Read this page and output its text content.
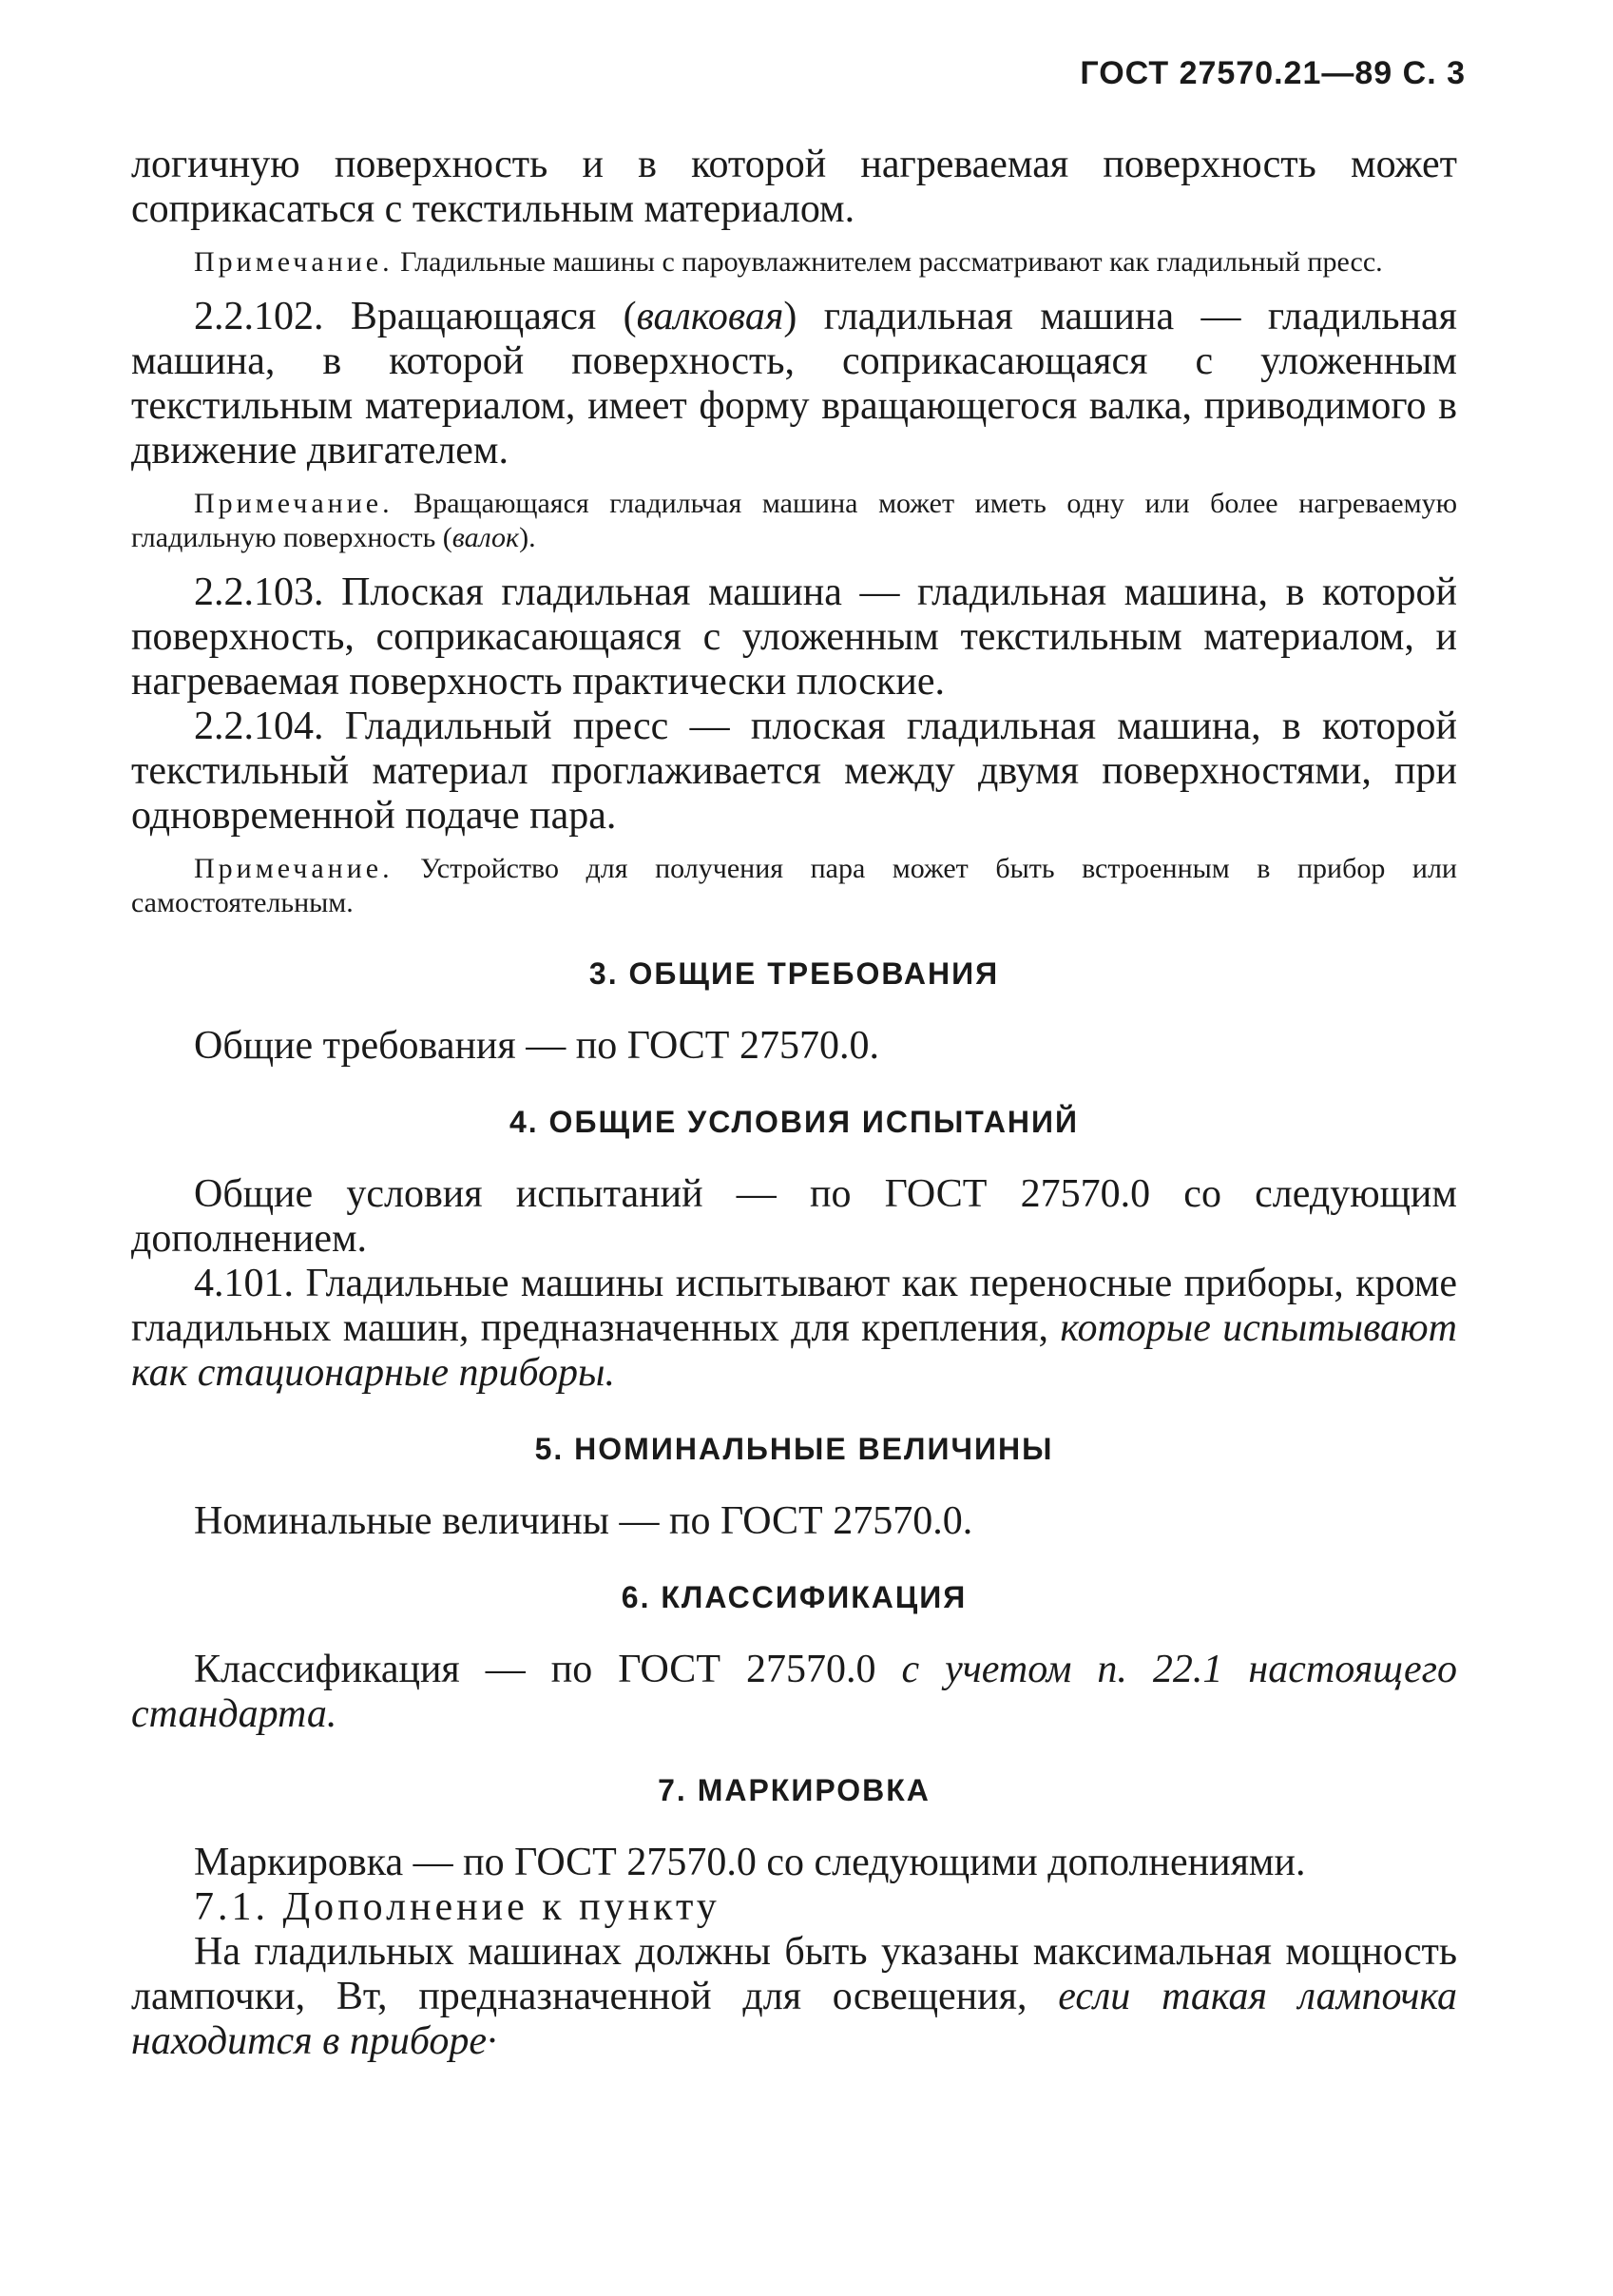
ГОСТ 27570.21—89 С. 3

логичную поверхность и в которой нагреваемая поверхность может соприкасаться с текстильным материалом.

Примечание. Гладильные машины с пароувлажнителем рассматривают как гладильный пресс.

2.2.102. Вращающаяся (валковая) гладильная машина — гладильная машина, в которой поверхность, соприкасающаяся с уложенным текстильным материалом, имеет форму вращающегося валка, приводимого в движение двигателем.

Примечание. Вращающаяся гладильчая машина может иметь одну или более нагреваемую гладильную поверхность (валок).

2.2.103. Плоская гладильная машина — гладильная машина, в которой поверхность, соприкасающаяся с уложенным текстильным материалом, и нагреваемая поверхность практически плоские.

2.2.104. Гладильный пресс — плоская гладильная машина, в которой текстильный материал проглаживается между двумя поверхностями, при одновременной подаче пара.

Примечание. Устройство для получения пара может быть встроенным в прибор или самостоятельным.

3. ОБЩИЕ ТРЕБОВАНИЯ

Общие требования — по ГОСТ 27570.0.

4. ОБЩИЕ УСЛОВИЯ ИСПЫТАНИЙ

Общие условия испытаний — по ГОСТ 27570.0 со следующим дополнением.

4.101. Гладильные машины испытывают как переносные приборы, кроме гладильных машин, предназначенных для крепления, которые испытывают как стационарные приборы.

5. НОМИНАЛЬНЫЕ ВЕЛИЧИНЫ

Номинальные величины — по ГОСТ 27570.0.

6. КЛАССИФИКАЦИЯ

Классификация — по ГОСТ 27570.0 с учетом п. 22.1 настоящего стандарта.

7. МАРКИРОВКА

Маркировка — по ГОСТ 27570.0 со следующими дополнениями.

7.1. Дополнение к пункту

На гладильных машинах должны быть указаны максимальная мощность лампочки, Вт, предназначенной для освещения, если такая лампочка находится в приборе·
